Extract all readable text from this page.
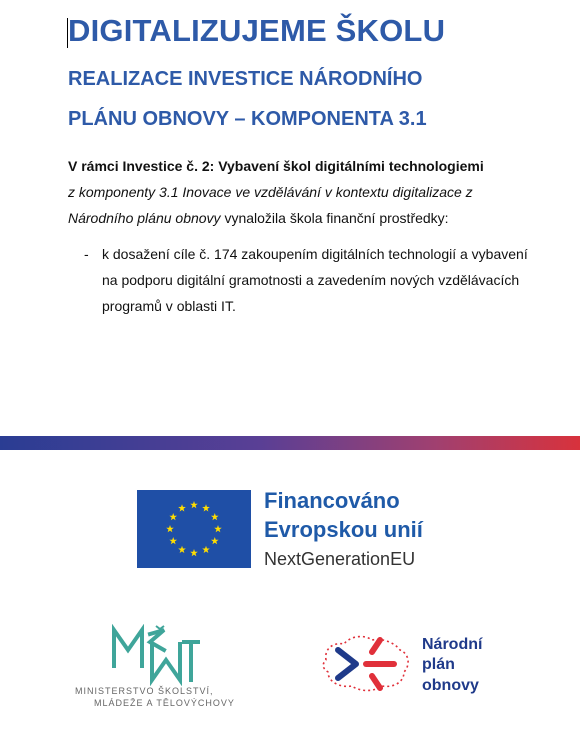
DIGITALIZUJEME ŠKOLU
REALIZACE INVESTICE NÁRODNÍHO
PLÁNU OBNOVY – KOMPONENTA 3.1

V rámci Investice č. 2: Vybavení škol digitálními technologiemi
z komponenty 3.1 Inovace ve vzdělávání v kontextu digitalizace z Národního plánu obnovy vynaložila škola finanční prostředky:

- k dosažení cíle č. 174 zakoupením digitálních technologií a vybavení na podporu digitální gramotnosti a zavedením nových vzdělávacích programů v oblasti IT.
Financováno
Evropskou unií
NextGenerationEU
MINISTERSTVO ŠKOLSTVÍ,
MLÁDEŽE A TĚLOVÝCHOVY
Národní
plán
obnovy
